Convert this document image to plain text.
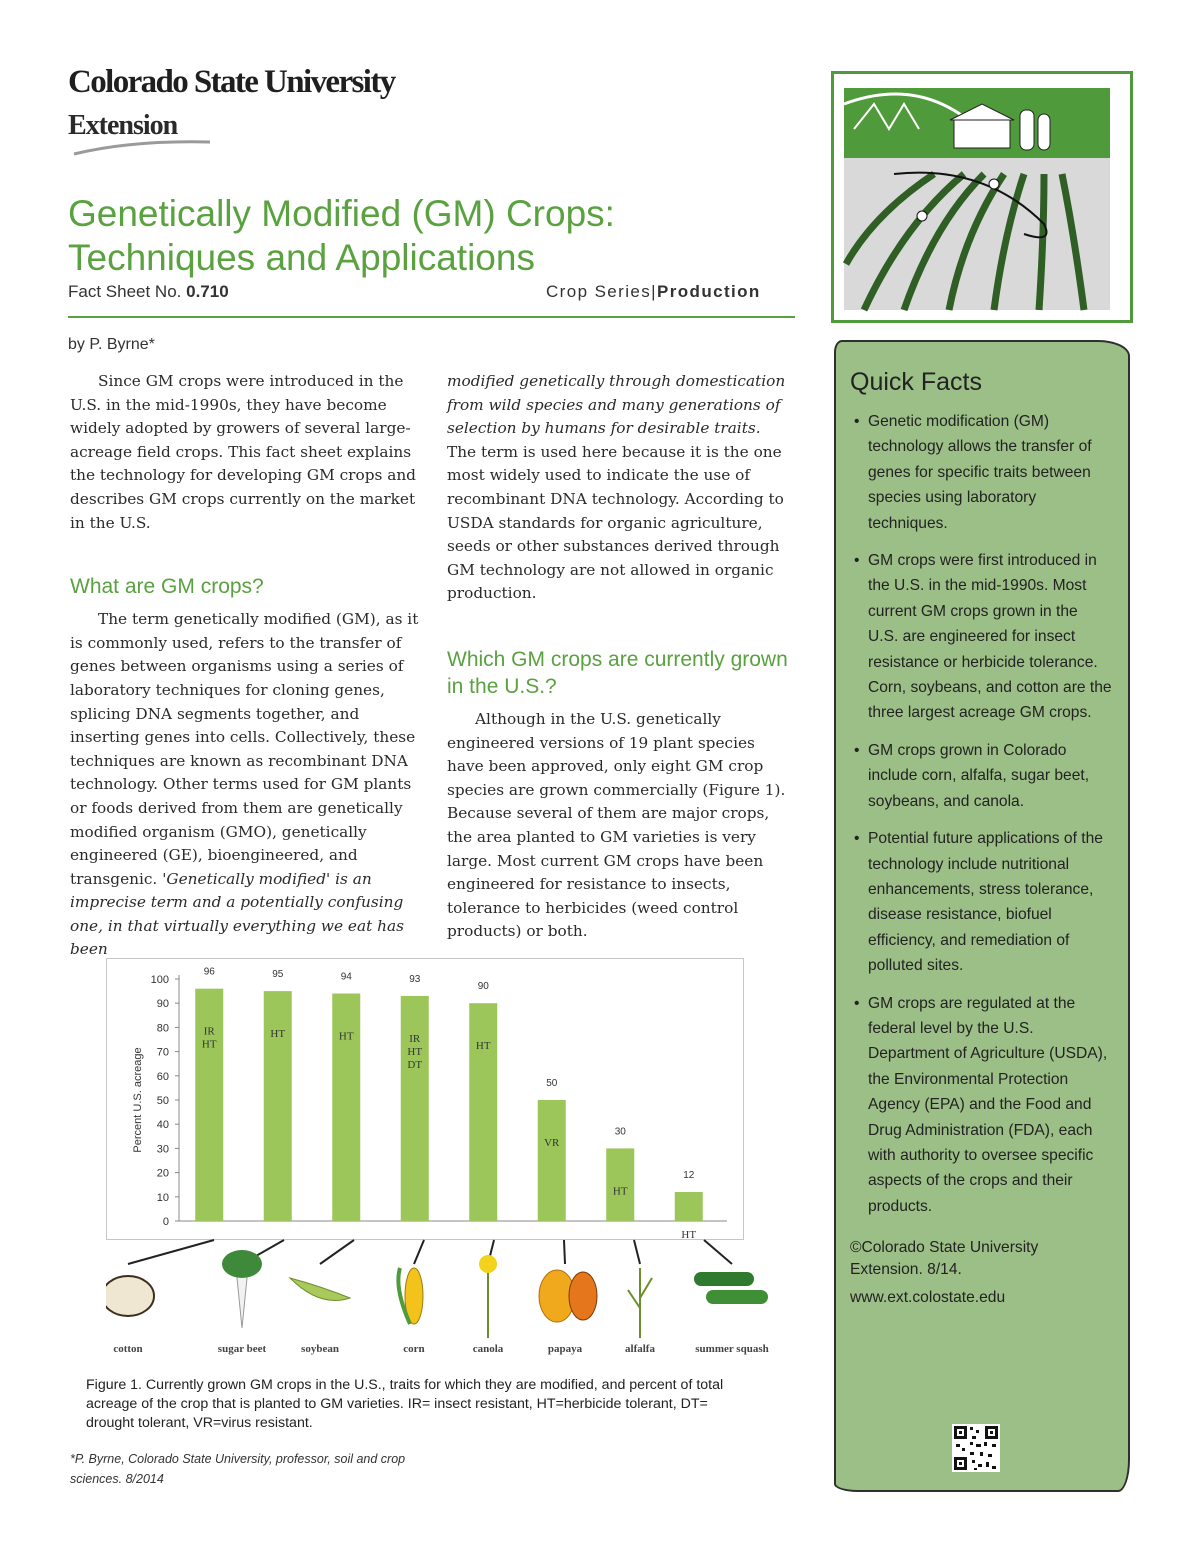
Colorado State University
Extension
Genetically Modified (GM) Crops:
Techniques and Applications
Fact Sheet No. 0.710	Crop Series|Production
by P. Byrne*

Since GM crops were introduced in the U.S. in the mid-1990s, they have become widely adopted by growers of several large-acreage field crops. This fact sheet explains the technology for developing GM crops and describes GM crops currently on the market in the U.S.

What are GM crops?

The term genetically modified (GM), as it is commonly used, refers to the transfer of genes between organisms using a series of laboratory techniques for cloning genes, splicing DNA segments together, and inserting genes into cells. Collectively, these techniques are known as recombinant DNA technology. Other terms used for GM plants or foods derived from them are genetically modified organism (GMO), genetically engineered (GE), bioengineered, and transgenic. 'Genetically modified' is an imprecise term and a potentially confusing one, in that virtually everything we eat has been

modified genetically through domestication from wild species and many generations of selection by humans for desirable traits. The term is used here because it is the one most widely used to indicate the use of recombinant DNA technology. According to USDA standards for organic agriculture, seeds or other substances derived through GM technology are not allowed in organic production.

Which GM crops are currently grown in the U.S.?

Although in the U.S. genetically engineered versions of 19 plant species have been approved, only eight GM crop species are grown commercially (Figure 1). Because several of them are major crops, the area planted to GM varieties is very large. Most current GM crops have been engineered for resistance to insects, tolerance to herbicides (weed control products) or both.

Quick Facts
• Genetic modification (GM) technology allows the transfer of genes for specific traits between species using laboratory techniques.
• GM crops were first introduced in the U.S. in the mid-1990s. Most current GM crops grown in the U.S. are engineered for insect resistance or herbicide tolerance. Corn, soybeans, and cotton are the three largest acreage GM crops.
• GM crops grown in Colorado include corn, alfalfa, sugar beet, soybeans, and canola.
• Potential future applications of the technology include nutritional enhancements, stress tolerance, disease resistance, biofuel efficiency, and remediation of polluted sites.
• GM crops are regulated at the federal level by the U.S. Department of Agriculture (USDA), the Environmental Protection Agency (EPA) and the Food and Drug Administration (FDA), each with authority to oversee specific aspects of the crops and their products.
©Colorado State University Extension. 8/14.
www.ext.colostate.edu
0
10
20
30
40
50
60
70
80
90
100
Percent U.S. acreage
96
IR
HT
95
HT
94
HT
93
IR
HT
DT
90
HT
50
VR
30
HT
12
HT
cotton	sugar beet	soybean	corn	canola	papaya	alfalfa	summer squash
Figure 1. Currently grown GM crops in the U.S., traits for which they are modified, and percent of total acreage of the crop that is planted to GM varieties. IR= insect resistant, HT=herbicide tolerant, DT= drought tolerant, VR=virus resistant.
*P. Byrne, Colorado State University, professor, soil and crop sciences. 8/2014
